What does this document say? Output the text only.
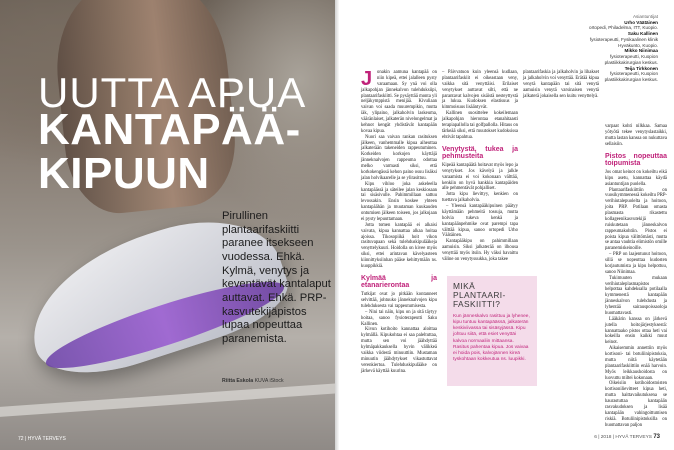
UUTTA APUA
KANTAPÄÄ-
KIPUUN
Pirullinen plantaarifaskiitti paranee itsekseen vuodessa. Ehkä. Kylmä, venytys ja keventävät kantalaput auttavat. Ehkä. PRP-kasvutekijäpistos lupaa nopeuttaa paranemista.
Riitta Eskola KUVA iStock
72 | HYVÄ TERVEYS
J	onakin aamuna kantapää on niin kipeä, ettei jalalleen pysty varaamaan. Sy ynä voi olla jalkapohjan jännekalvon tulehduksiipi, plantaarifaskiitti. Se pysäyttää monta yli neljäkymppistä menijää. Kivuliaan vaivan voi saada muurempikin, mutta iäk, ylipaino, jalkaholvin laskeuma, vääränlaiset, jalkaterän nivelongelmat ja kehnot kengät yhdistävät kantapään kovaa kipua.

Nuori saa vaivan rankan rasituksen jälkeen, vanhemmalle kipua aiheuttaa jalkaterään takeneiden rappeutuminen. Korkeiden korkojen käyttäjä jänneknalvojen rappeuma odottaa melko varmasti siksi, että korkokengässä kehon paino osuu lisäksi jalan holvikaarelle ja se ylirasittuu.

Kipu vihloo joka askeleella kantapäässä ja säteilee jalan keskiosaan tai sisäsivulle. Pahimmillaan sattuu levossakin. Ensin koskee yhteen kantapäähän ja muutaman kuukauden ontumisen jälkeen toiseen, jos jalkojaan ei pysty lepuuttamaan.

Jotta tomen kantapää ei alkaisi vaivata, kipua kannattaa alkaa hoitaa ajoissa. Tikosopiikä hoit vikon rasituvapaan sekä tulehduskipulääkeja venyttelykuuri. Hoidolla on kivee myös siksi, ettei arintavan kävelyasteen kiinnittyksiinhan pääse kehittymään ns. kuoppikkiä.

Kylmää ja etanarierontaa

Tutkijat ovat jo pitkään kontanneet selvittää, johtuuko jänneknalvojen kipu tulehduksesta vai rappeutumisesta.

– Nini tai näin, kipu on ja sitä täytyy hoitaa, sanoo fysioterapeutti Saku Kallinen.

Kivun kotihoito kannattaa aloittaa kylmällä. Kipukohtaa ei saa paleltuttaa, mutta sen voi jäähdyttää kylmäpakkauksella hyvin välikkeä vaikka viidestä minuuttiin. Mustaman minuutin jäähdytykset vikastuttavat verenkiertoa. Tulehduskipulääke on järkevä käyttää kuurina.

– Päivvatuon kuin yleensä kudlaan, plantaarifaskiit ei oikeastaan veny, vaikka sitä venyttäisi. Erilaiset venytykset auttavat silti, että ne parantavat kalvojen sisäistä nesteyttystä ja lukua. Kudoksen elastisuus ja kimmoisuus lisääntyvät.

Kallinen suosittelee kokeilemaan jalkapohjan hierontaa etanahitaasti terapiapallolla tai golfpallolla. Hitaus on tärkeää siksi, että muutokset kudoksissa ehtivät tapahtua.

Venytystä, tukea ja pehmusteita

Kipeää kantapäätä hoitavat myös lepo ja venytykset. Jos kävelyä ja jalkle varaamista ei voi kokonaan välttää, kenkiin on hyvä hankkia kantapäiden alle pehmentävät pohjalliset.

Jotta kipu lievittyy, kenkien on tuettava jalkaholvia.

– Yleensä kantapääkipuinen päätyy käyttämään pehmeitä tossuja, mutta holvia tukeva kenkä ja kantapäänpehmike ovat parempi tapa välttää kipua, sanoo ortopedi Urho Väätäinen.

Kantapääkipu on pahimmillaan aamuisin. Siksi jalkaterää on ilhousa venyttää myös itsiin. Hy väksi havaittu väline on venytysuukka, joka takee

MIKÄ
PLANTAARI-
FASKIITTI?

Kun jänneskalvo rasittuu ja lyhenee, kipu tuntuu kantapäässä, jalkaterän keskiviivassa tai sisäsyjässä. Kipu johtuu siitä, että esiet venyttäi kalvoa normaaliin mittaansa. Rasitus pahentaa kipua. Jos vaivaa ei hoida pois, kalvojännen kireä tyskohtaan kokkeutua ns. luupikki.

plantaarifaskia ja jalkaholvin ja lihakset ja jalkaholvin voi venyttää. Erätää kipua venytä kantapään tai sitä venytä aamuisin venytä varsinaisen venytä jalkaterä jokaisella sen kuitu venyttelyä.

Asiantuntijat
Urho Väätäinen
ortopedi, Philadelma, ITT, Kuopio.
Saku Kallinen
fysioterapeutti, Fysikaalinen klinik Hyväkunto, Kuopio.
Mikko Niinimaa
fysioterapeutti, Kuopion plastiikkakirurgian keskus.
Teija Tirkkonen
fysioterapeutti, Kuopion plastiikkakirurgian keskus.

varpaat kohti nilkkaa. Samaa yötyötä tekee venytyslastaikki, mutta lastan kanssa on nukuttava sellaisiin.

Pistos nopeuttaa toipumista

Jos omat keinot on kokeiltu eikä kipu asetu, kannattaa käydä asiantuntijan puolella.

Plantaarifaskiittiin on vuosikymmenessä kokeiltu PRP-verihiutalepuolelta ja hoitoon, joita PRP. Potilaan omasta plasmasta rikastettu kollageenikasvutekijä ruiskutetaan jänneskalvon rappeumakohtiin. Pistos ei poista kipua välittömästi, mutta se antaa vauhtia elimistön omille paranemiskeinoille.

– PRP on laajentunut hoitoon, sillä se nopeuttaa kudosten korjautumista ja kipu helpottuu, sanoo Niinimaa.

Tukimuuten mukaan verihiutaleplasmapistos helpottaa kahdeksalla potilaalla kymmenestä kantapään jänneskalvon tulehdusta ja lyhentää sairauspoissaoloja huomattavasti.

Lääkärin kanssa on järkevä jutella hoitojärjestyksestä: kannattaako pistos ottaa heti vai kokeilla ensin kaikki muut keinot.

Aikaisemmin annettiin myös kortisoni- tai botuliinipistoksia, mutta niitä käytetään plantaarifaskiittiin enää harvoin. Myös leikkaushoidosta on luovuttu miltei kokonaan.

Oikeisiin kotihoidostoisten kortisonilievitteet kipua heti, mutta haittavaikutuksena se haurastuttaa kantapään rasvakudoksen ja lisää kantapään vahingoittumisen riskiä. Botuliinipistoksilla on huomattavan paljon

6 | 2018 | HYVÄ TERVEYS 73
